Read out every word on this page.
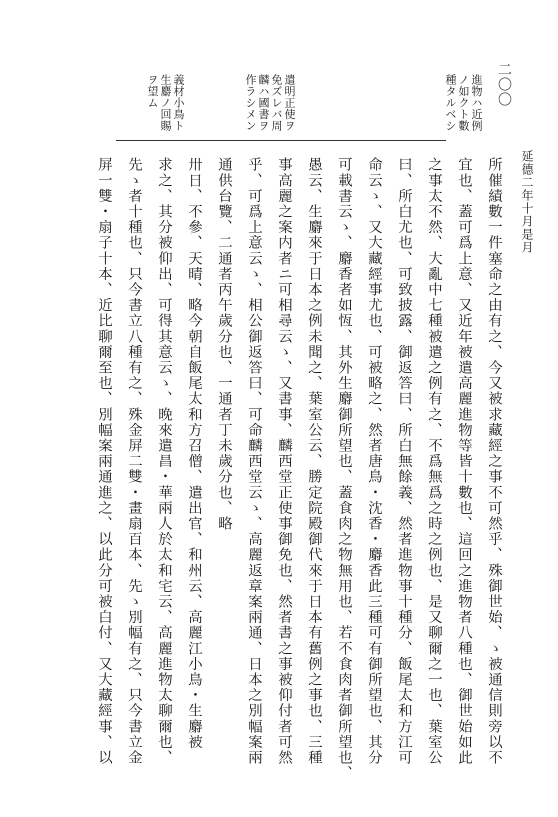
二〇〇
進物ハ近例
ノ如クト數
種タルベシ
遣明正使ヲ
免ズレバ周
麟ハ國書ヲ
作ラシメン
義材小鳥ト
生麝ノ回賜
ヲ望ム
延德二年十月是月
所催績數一件塞命之由有之、今又被求藏經之事不可然乎、殊御世始、ゝ被通信則旁以不
宜也、蓋可爲上意、又近年被遣高麗進物等皆十數也、這回之進物者八種也、御世始如此
之事太不然、大亂中七種被遣之例有之、不爲無爲之時之例也、是又聊爾之一也、葉室公
曰、所白尤也、可致披露、御返答曰、所白無餘義、然者進物事十種分、飯尾太和方江可
命云ゝ、又大藏經事尤也、可被略之、然者唐鳥・沈香・麝香此三種可有御所望也、其分
可載書云ゝ、麝香者如恆、其外生麝御所望也、蓋食肉之物無用也、若不食肉者御所望也、
愚云、生麝來于日本之例未聞之、葉室公云、勝定院殿御代來于日本有舊例之事也、三種
事高麗之案内者ニ可相尋云ゝ、又書事、麟西堂正使事御免也、然者書之事被仰付者可然
乎、可爲上意云ゝ、相公御返答曰、可命麟西堂云ゝ、高麗返章案兩通、日本之別幅案兩
通供台覽、二通者丙午歲分也、一通者丁未歲分也、略
卅日、不參、天晴、略今朝自飯尾太和方召僧、遣出官、和州云、高麗江小鳥・生麝被
求之、其分被仰出、可得其意云ゝ、晚來遣昌・華兩人於太和宅云、高麗進物太聊爾也、
先ゝ者十種也、只今書立八種有之、殊金屏二雙・畫扇百本、先ゝ別幅有之、只今書立金
屏一雙・扇子十本、近比聊爾至也、別幅案兩通進之、以此分可被白付、又大藏經事、以
